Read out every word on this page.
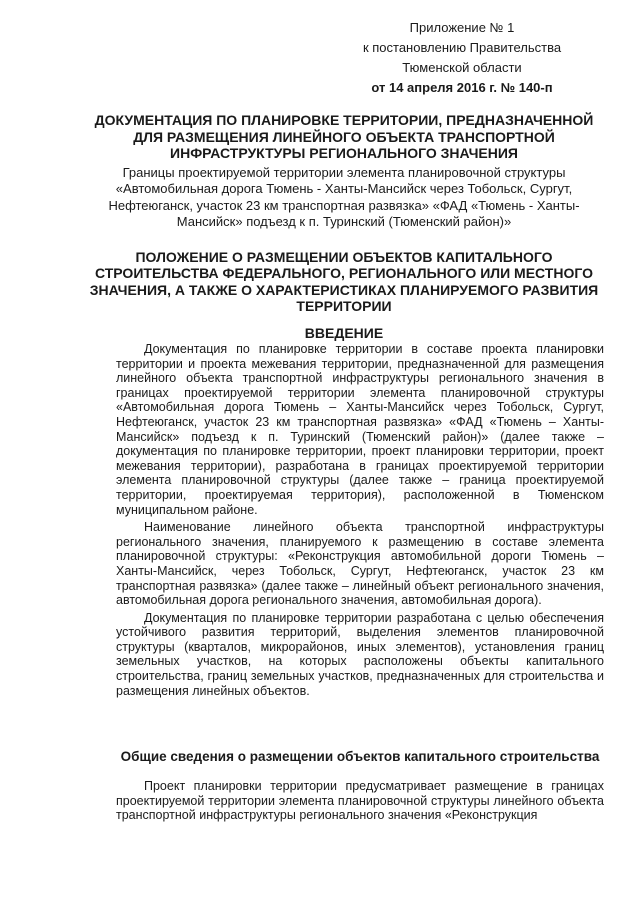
Приложение № 1
к постановлению Правительства
Тюменской области
от 14 апреля 2016 г. № 140-п

ДОКУМЕНТАЦИЯ ПО ПЛАНИРОВКЕ ТЕРРИТОРИИ, ПРЕДНАЗНАЧЕННОЙ ДЛЯ РАЗМЕЩЕНИЯ ЛИНЕЙНОГО ОБЪЕКТА ТРАНСПОРТНОЙ ИНФРАСТРУКТУРЫ РЕГИОНАЛЬНОГО ЗНАЧЕНИЯ

Границы проектируемой территории элемента планировочной структуры «Автомобильная дорога Тюмень - Ханты-Мансийск через Тобольск, Сургут, Нефтеюганск, участок 23 км транспортная развязка» «ФАД «Тюмень - Ханты-Мансийск» подъезд к п. Туринский (Тюменский район)»

ПОЛОЖЕНИЕ О РАЗМЕЩЕНИИ ОБЪЕКТОВ КАПИТАЛЬНОГО СТРОИТЕЛЬСТВА ФЕДЕРАЛЬНОГО, РЕГИОНАЛЬНОГО ИЛИ МЕСТНОГО ЗНАЧЕНИЯ, А ТАКЖЕ О ХАРАКТЕРИСТИКАХ ПЛАНИРУЕМОГО РАЗВИТИЯ ТЕРРИТОРИИ

ВВЕДЕНИЕ

Документация по планировке территории в составе проекта планировки территории и проекта межевания территории, предназначенной для размещения линейного объекта транспортной инфраструктуры регионального значения в границах проектируемой территории элемента планировочной структуры «Автомобильная дорога Тюмень – Ханты-Мансийск через Тобольск, Сургут, Нефтеюганск, участок 23 км транспортная развязка» «ФАД «Тюмень – Ханты-Мансийск» подъезд к п. Туринский (Тюменский район)» (далее также – документация по планировке территории, проект планировки территории, проект межевания территории), разработана в границах проектируемой территории элемента планировочной структуры (далее также – граница проектируемой территории, проектируемая территория), расположенной в Тюменском муниципальном районе.

Наименование линейного объекта транспортной инфраструктуры регионального значения, планируемого к размещению в составе элемента планировочной структуры: «Реконструкция автомобильной дороги Тюмень – Ханты-Мансийск, через Тобольск, Сургут, Нефтеюганск, участок 23 км транспортная развязка» (далее также – линейный объект регионального значения, автомобильная дорога регионального значения, автомобильная дорога).

Документация по планировке территории разработана с целью обеспечения устойчивого развития территорий, выделения элементов планировочной структуры (кварталов, микрорайонов, иных элементов), установления границ земельных участков, на которых расположены объекты капитального строительства, границ земельных участков, предназначенных для строительства и размещения линейных объектов.

Общие сведения о размещении объектов капитального строительства

Проект планировки территории предусматривает размещение в границах проектируемой территории элемента планировочной структуры линейного объекта транспортной инфраструктуры регионального значения «Реконструкция
